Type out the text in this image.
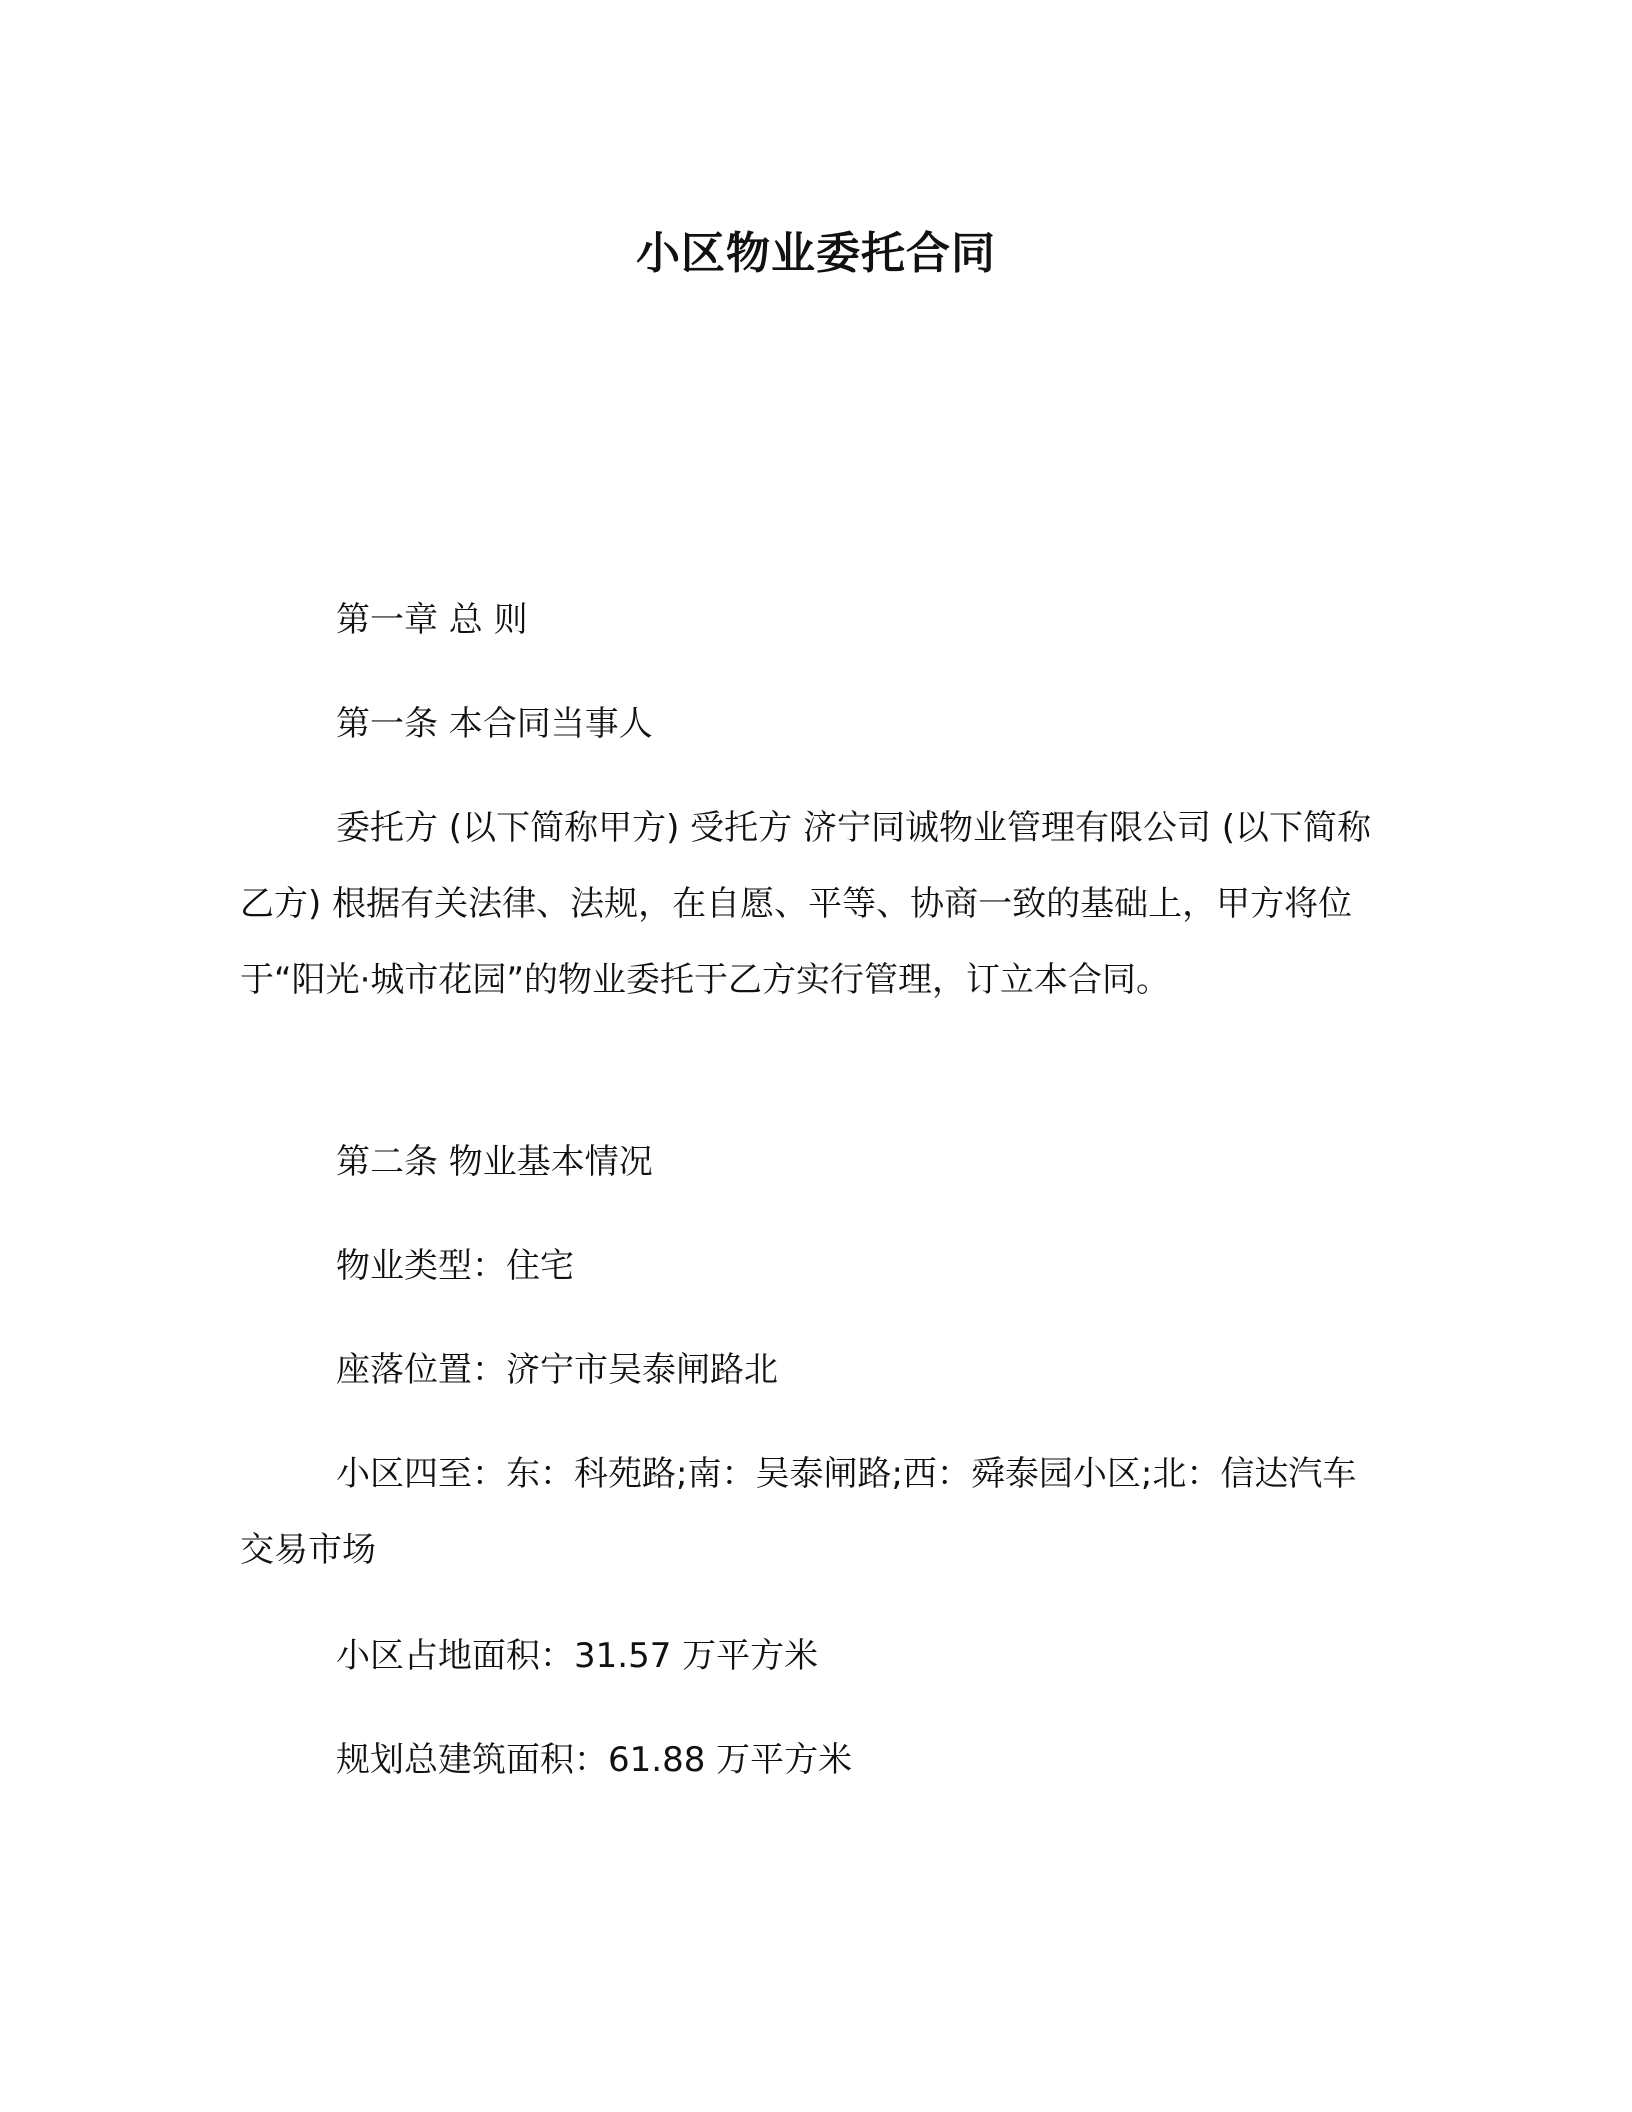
小区物业委托合同

第一章 总 则

第一条 本合同当事人

委托方 (以下简称甲方) 受托方 济宁同诚物业管理有限公司 (以下简称乙方) 根据有关法律、法规，在自愿、平等、协商一致的基础上，甲方将位于“阳光·城市花园”的物业委托于乙方实行管理，订立本合同。

第二条 物业基本情况

物业类型：住宅

座落位置：济宁市吴泰闸路北

小区四至：东：科苑路;南：吴泰闸路;西：舜泰园小区;北：信达汽车交易市场

小区占地面积：31.57 万平方米

规划总建筑面积：61.88 万平方米
